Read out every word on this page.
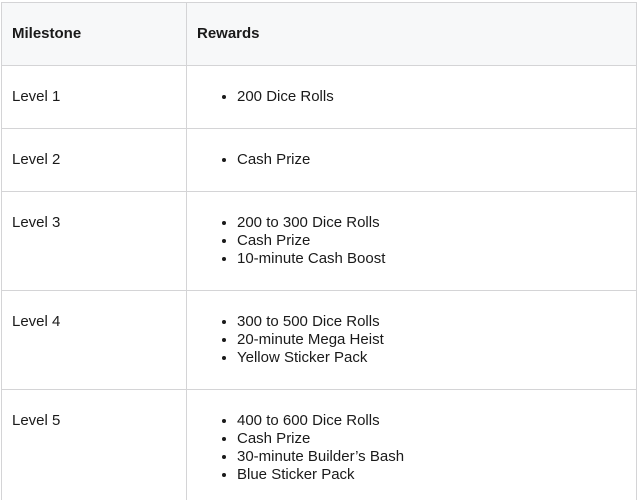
Milestone	Rewards
Level 1	
•200 Dice Rolls

Level 2	
•Cash Prize

Level 3	
•200 to 300 Dice Rolls
• Cash Prize
• 10-minute Cash Boost

Level 4	
•300 to 500 Dice Rolls
• 20-minute Mega Heist
• Yellow Sticker Pack

Level 5	
•400 to 600 Dice Rolls
• Cash Prize
• 30-minute Builder’s Bash
• Blue Sticker Pack
